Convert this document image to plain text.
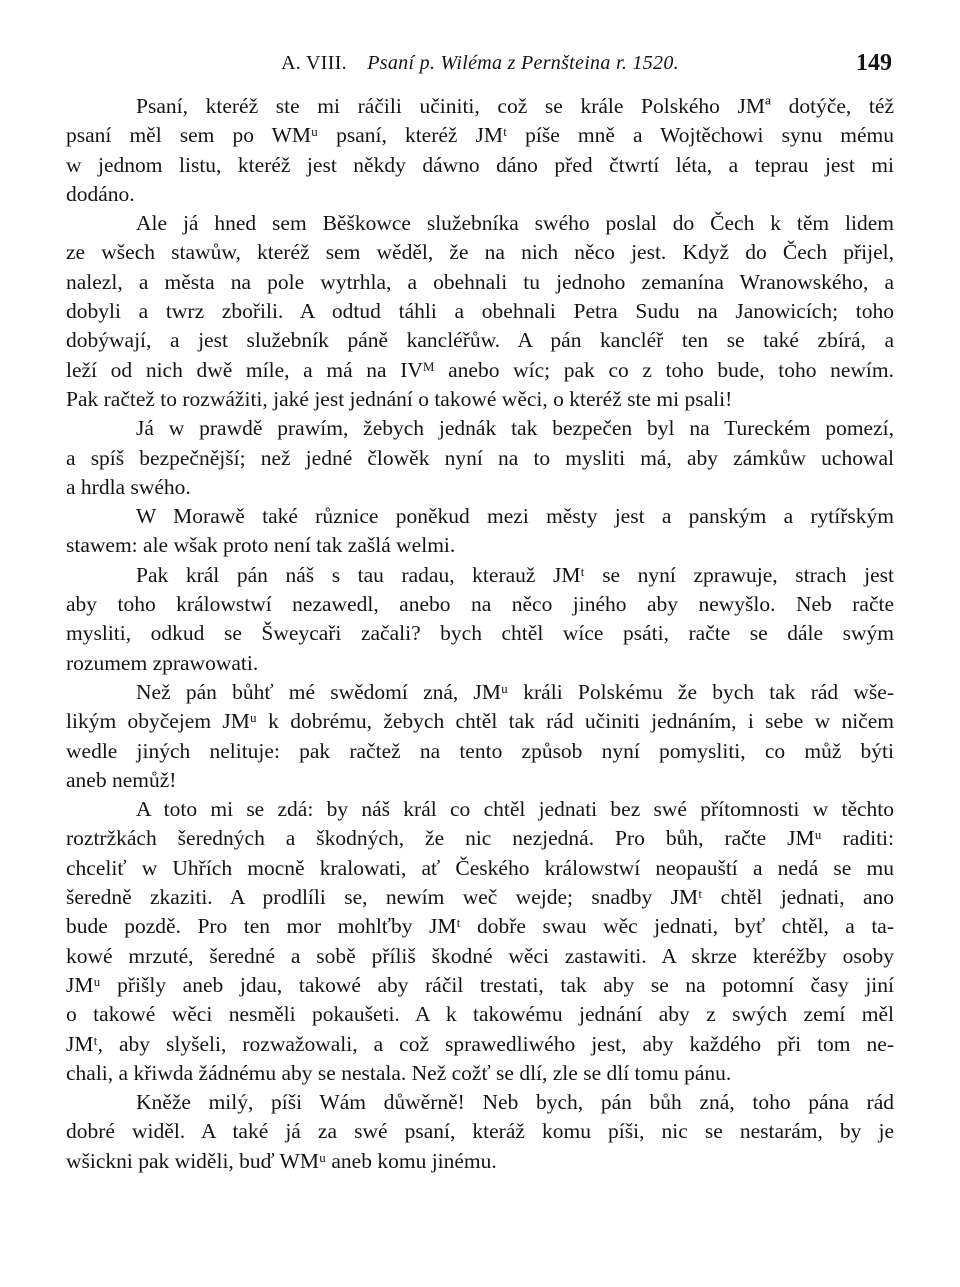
A. VIII.  Psaní p. Wiléma z Pernšteina r. 1520.	149
Psaní, kteréž ste mi ráčili učiniti, což se krále Polského JMª dotýče, též
psaní měl sem po WMᵘ psaní, kteréž JMᵗ píše mně a Wojtěchowi synu mému
w jednom listu, kteréž jest někdy dáwno dáno před čtwrtí léta, a teprau jest mi
dodáno.
Ale já hned sem Běškowce služebníka swého poslal do Čech k těm lidem
ze wšech stawůw, kteréž sem wěděl, že na nich něco jest. Když do Čech přijel,
nalezl, a města na pole wytrhla, a obehnali tu jednoho zemanína Wranowského, a
dobyli a twrz zbořili. A odtud táhli a obehnali Petra Sudu na Janowicích; toho
dobýwají, a jest služebník páně kancléřůw. A pán kancléř ten se také zbírá, a
leží od nich dwě míle, a má na IVᴹ anebo wíc; pak co z toho bude, toho newím.
Pak račtež to rozwážiti, jaké jest jednání o takowé wěci, o kteréž ste mi psali!
Já w prawdě prawím, žebych jednák tak bezpečen byl na Tureckém pomezí,
a spíš bezpečnější; než jedné člowěk nyní na to mysliti má, aby zámkůw uchowal
a hrdla swého.
W Morawě také různice poněkud mezi městy jest a panským a rytířským
stawem: ale wšak proto není tak zašlá welmi.
Pak král pán náš s tau radau, kterauž JMᵗ se nyní zprawuje, strach jest
aby toho králowstwí nezawedl, anebo na něco jiného aby newyšlo. Neb račte
mysliti, odkud se Šweycaři začali? bych chtěl wíce psáti, račte se dále swým
rozumem zprawowati.
Než pán bůhť mé swědomí zná, JMᵘ králi Polskému že bych tak rád wše-
likým obyčejem JMᵘ k dobrému, žebych chtěl tak rád učiniti jednáním, i sebe w ničem
wedle jiných nelituje: pak račtež na tento způsob nyní pomysliti, co můž býti
aneb nemůž!
A toto mi se zdá: by náš král co chtěl jednati bez swé přítomnosti w těchto
roztržkách šeredných a škodných, že nic nezjedná. Pro bůh, račte JMᵘ raditi:
chceliť w Uhřích mocně kralowati, ať Českého králowstwí neopauští a nedá se mu
šeredně zkaziti. A prodlíli se, newím weč wejde; snadby JMᵗ chtěl jednati, ano
bude pozdě. Pro ten mor mohlťby JMᵗ dobře swau wěc jednati, byť chtěl, a ta-
kowé mrzuté, šeredné a sobě příliš škodné wěci zastawiti. A skrze kteréžby osoby
JMᵘ přišly aneb jdau, takowé aby ráčil trestati, tak aby se na potomní časy jiní
o takowé wěci nesměli pokaušeti. A k takowému jednání aby z swých zemí měl
JMᵗ, aby slyšeli, rozwažowali, a což sprawedliwého jest, aby každého při tom ne-
chali, a křiwda žádnému aby se nestala. Než cožť se dlí, zle se dlí tomu pánu.
Kněže milý, píši Wám důwěrně! Neb bych, pán bůh zná, toho pána rád
dobré widěl. A také já za swé psaní, kteráž komu píši, nic se nestarám, by je
wšickni pak widěli, buď WMᵘ aneb komu jinému.
